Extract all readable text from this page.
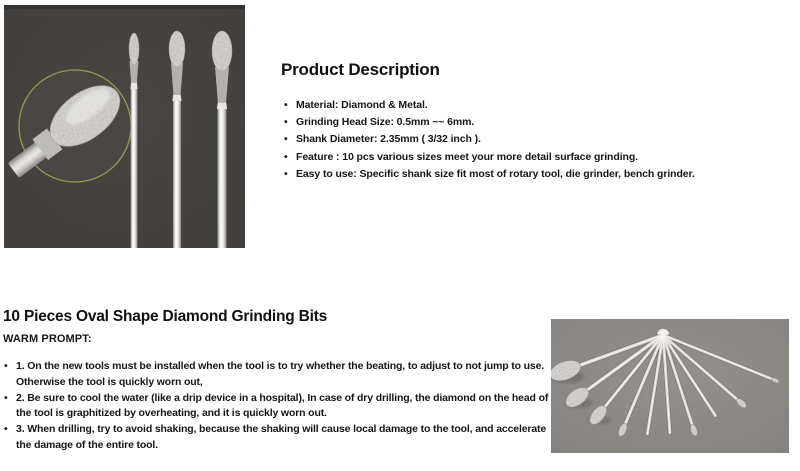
Product Description
• Material: Diamond & Metal.
• Grinding Head Size: 0.5mm ~~ 6mm.
• Shank Diameter: 2.35mm ( 3/32 inch ).
• Feature : 10 pcs various sizes meet your more detail surface grinding.
• Easy to use: Specific shank size fit most of rotary tool, die grinder, bench grinder.
10 Pieces Oval Shape Diamond Grinding Bits
WARM PROMPT:
• 1. On the new tools must be installed when the tool is to try whether the beating, to adjust to not jump to use. Otherwise the tool is quickly worn out,
• 2. Be sure to cool the water (like a drip device in a hospital), In case of dry drilling, the diamond on the head of the tool is graphitized by overheating, and it is quickly worn out.
• 3. When drilling, try to avoid shaking, because the shaking will cause local damage to the tool, and accelerate the damage of the entire tool.
